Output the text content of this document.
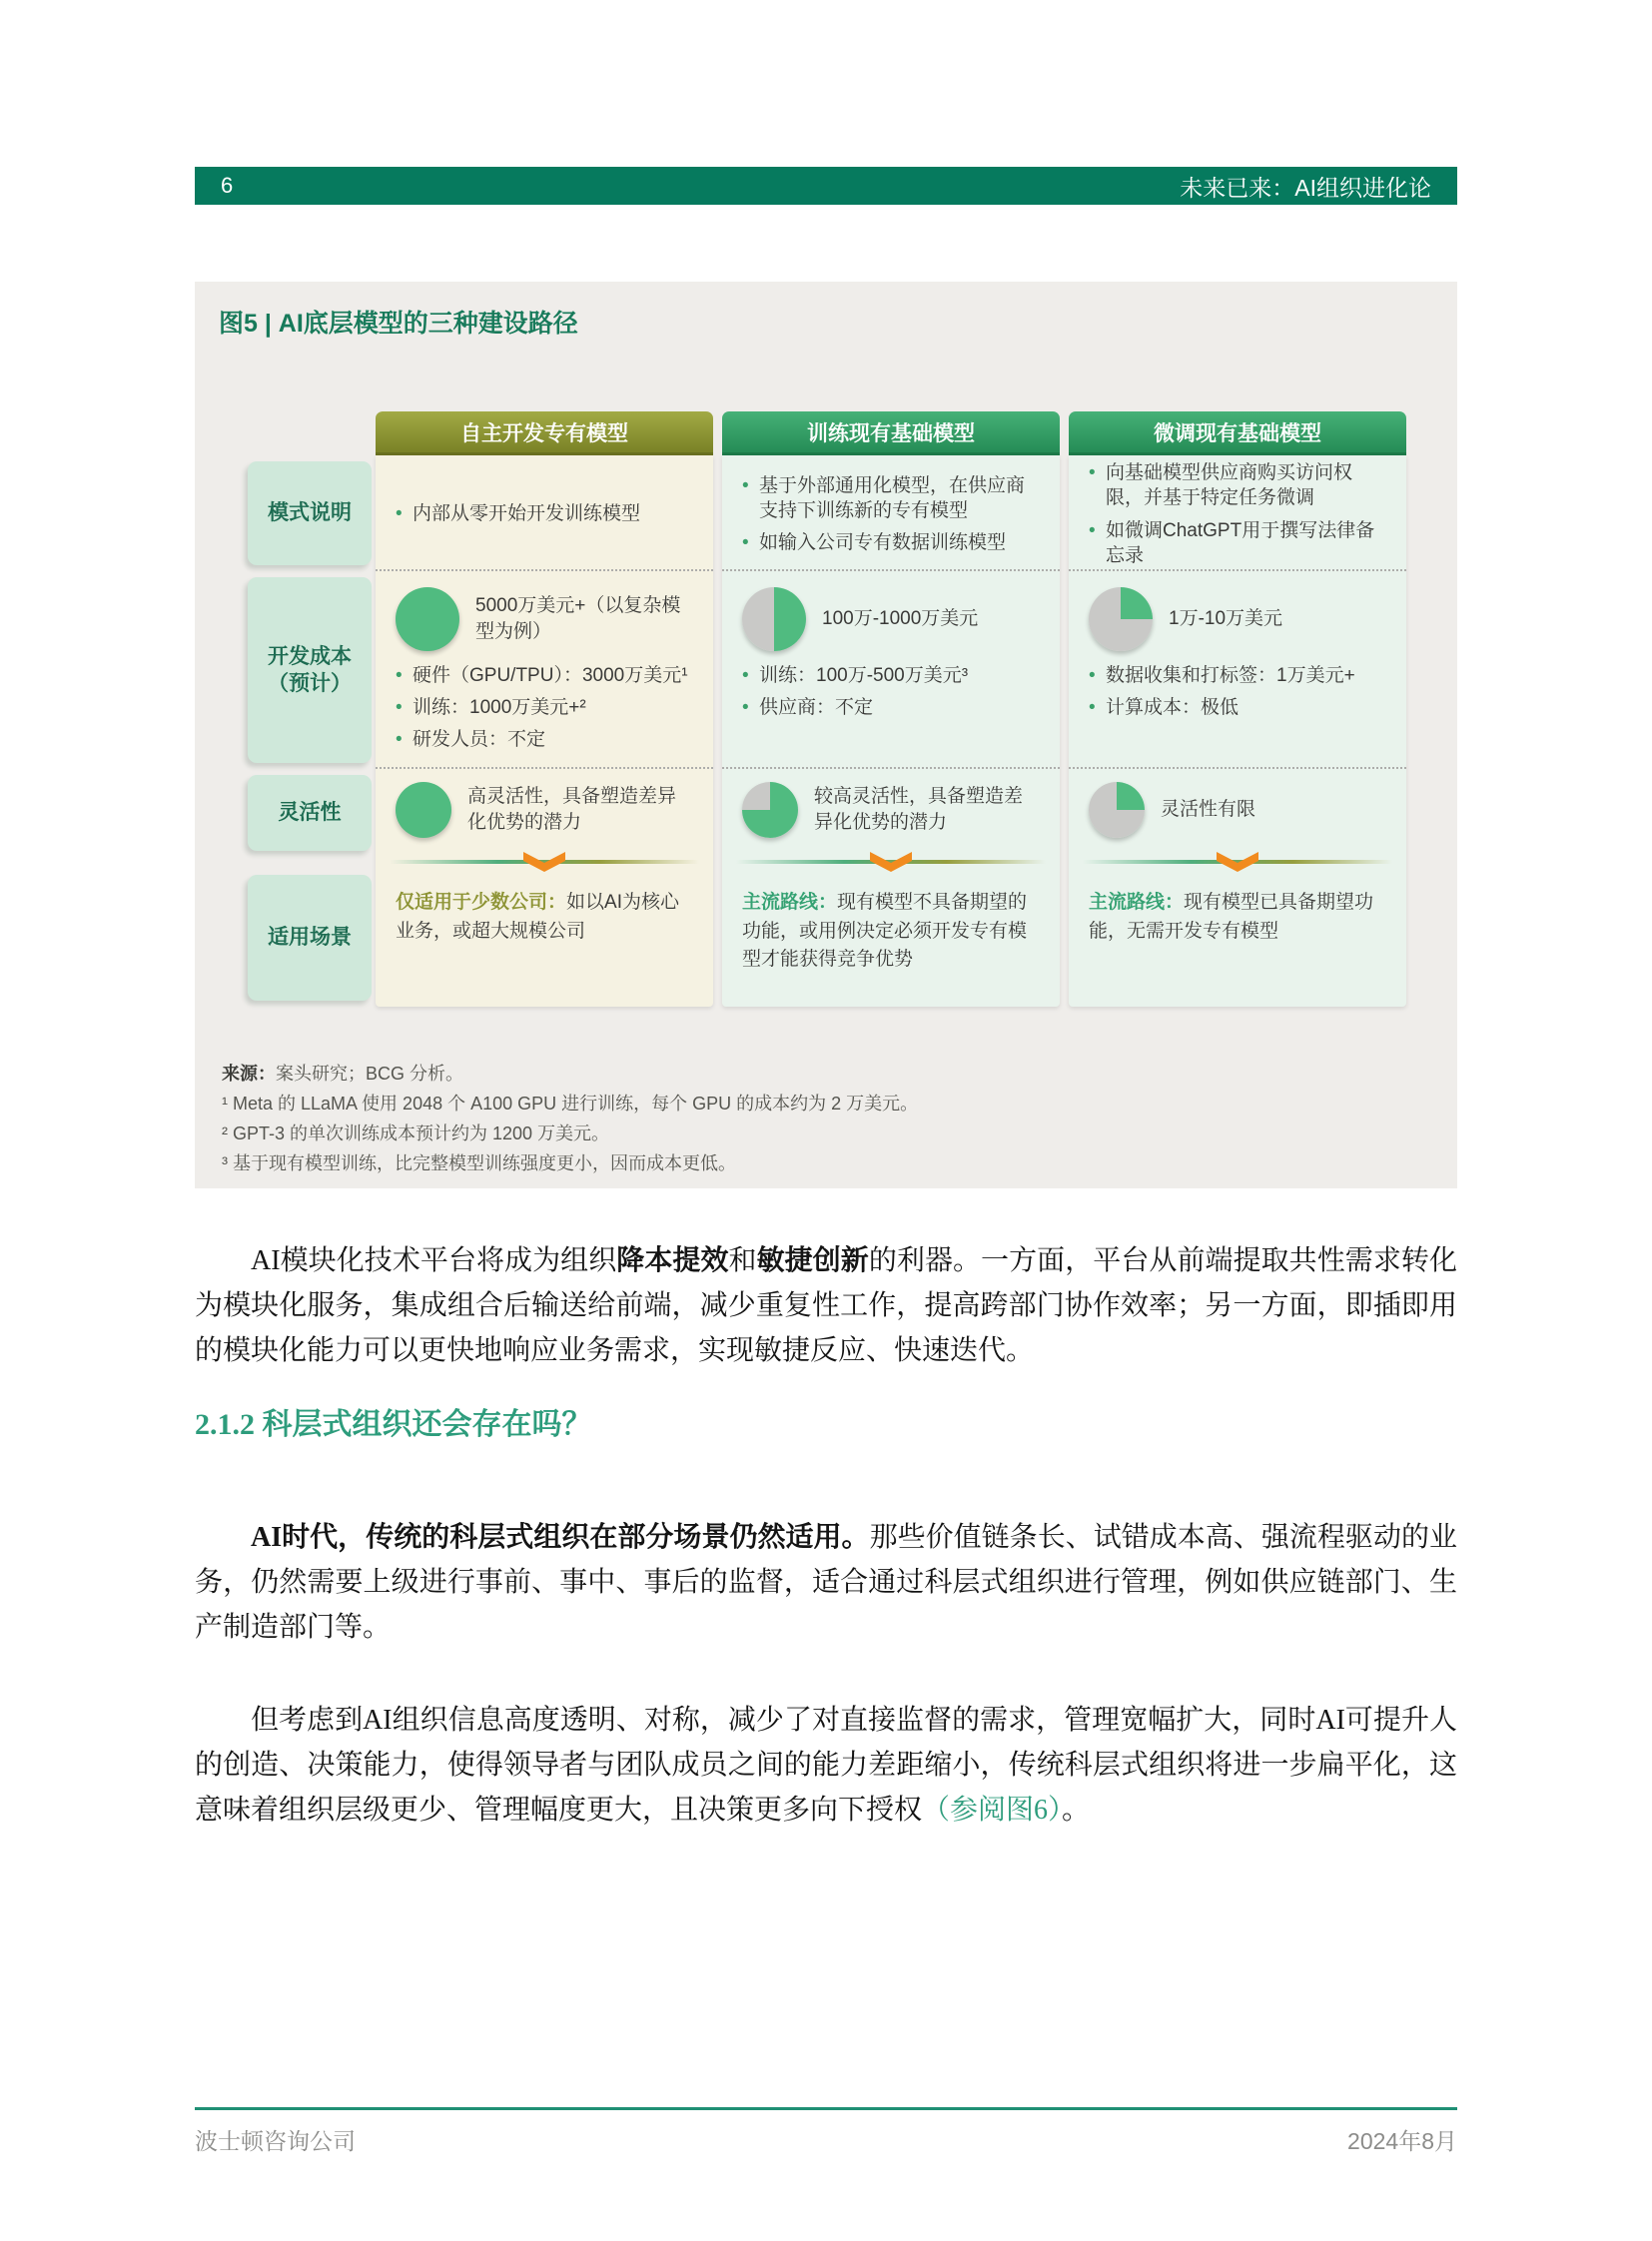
6	未来已来：AI组织进化论
图5 | AI底层模型的三种建设路径
模式说明
开发成本
（预计）
灵活性
适用场景
自主开发专有模型
• 内部从零开始开发训练模型
5000万美元+（以复杂模型为例）
• 硬件（GPU/TPU）：3000万美元¹
• 训练：1000万美元+²
• 研发人员：不定
高灵活性，具备塑造差异化优势的潜力
仅适用于少数公司：如以AI为核心业务，或超大规模公司
训练现有基础模型
• 基于外部通用化模型，在供应商支持下训练新的专有模型
• 如输入公司专有数据训练模型
100万-1000万美元
• 训练：100万-500万美元³
• 供应商：不定
较高灵活性，具备塑造差异化优势的潜力
主流路线：现有模型不具备期望的功能，或用例决定必须开发专有模型才能获得竞争优势
微调现有基础模型
• 向基础模型供应商购买访问权限，并基于特定任务微调
• 如微调ChatGPT用于撰写法律备忘录
1万-10万美元
• 数据收集和打标签：1万美元+
• 计算成本：极低
灵活性有限
主流路线：现有模型已具备期望功能，无需开发专有模型

来源：案头研究；BCG 分析。

¹ Meta 的 LLaMA 使用 2048 个 A100 GPU 进行训练，每个 GPU 的成本约为 2 万美元。

² GPT-3 的单次训练成本预计约为 1200 万美元。

³ 基于现有模型训练，比完整模型训练强度更小，因而成本更低。

AI模块化技术平台将成为组织降本提效和敏捷创新的利器。一方面，平台从前端提取共性需求转化为模块化服务，集成组合后输送给前端，减少重复性工作，提高跨部门协作效率；另一方面，即插即用的模块化能力可以更快地响应业务需求，实现敏捷反应、快速迭代。

2.1.2 科层式组织还会存在吗？

AI时代，传统的科层式组织在部分场景仍然适用。那些价值链条长、试错成本高、强流程驱动的业务，仍然需要上级进行事前、事中、事后的监督，适合通过科层式组织进行管理，例如供应链部门、生产制造部门等。

但考虑到AI组织信息高度透明、对称，减少了对直接监督的需求，管理宽幅扩大，同时AI可提升人的创造、决策能力，使得领导者与团队成员之间的能力差距缩小，传统科层式组织将进一步扁平化，这意味着组织层级更少、管理幅度更大，且决策更多向下授权（参阅图6）。

波士顿咨询公司	2024年8月
